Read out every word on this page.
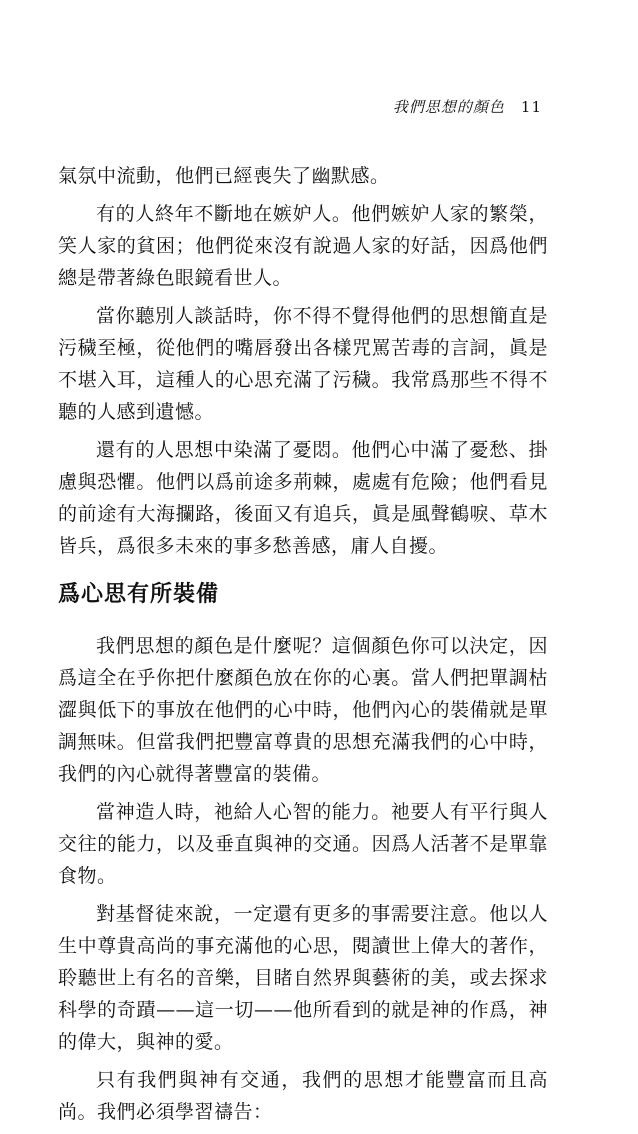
我們思想的顏色 11

氣氛中流動，他們已經喪失了幽默感。

有的人終年不斷地在嫉妒人。他們嫉妒人家的繁榮，笑人家的貧困；他們從來沒有說過人家的好話，因爲他們總是帶著綠色眼鏡看世人。

當你聽別人談話時，你不得不覺得他們的思想簡直是污穢至極，從他們的嘴唇發出各樣咒罵苦毒的言詞，眞是不堪入耳，這種人的心思充滿了污穢。我常爲那些不得不聽的人感到遺憾。

還有的人思想中染滿了憂悶。他們心中滿了憂愁、掛慮與恐懼。他們以爲前途多荊棘，處處有危險；他們看見的前途有大海攔路，後面又有追兵，眞是風聲鶴唳、草木皆兵，爲很多未來的事多愁善感，庸人自擾。

爲心思有所裝備

我們思想的顏色是什麼呢？這個顏色你可以決定，因爲這全在乎你把什麼顏色放在你的心裏。當人們把單調枯澀與低下的事放在他們的心中時，他們內心的裝備就是單調無味。但當我們把豐富尊貴的思想充滿我們的心中時，我們的內心就得著豐富的裝備。

當神造人時，祂給人心智的能力。祂要人有平行與人交往的能力，以及垂直與神的交通。因爲人活著不是單靠食物。

對基督徒來說，一定還有更多的事需要注意。他以人生中尊貴高尚的事充滿他的心思，閱讀世上偉大的著作，聆聽世上有名的音樂，目睹自然界與藝術的美，或去探求科學的奇蹟——這一切——他所看到的就是神的作爲，神的偉大，與神的愛。

只有我們與神有交通，我們的思想才能豐富而且高尚。我們必須學習禱告：
